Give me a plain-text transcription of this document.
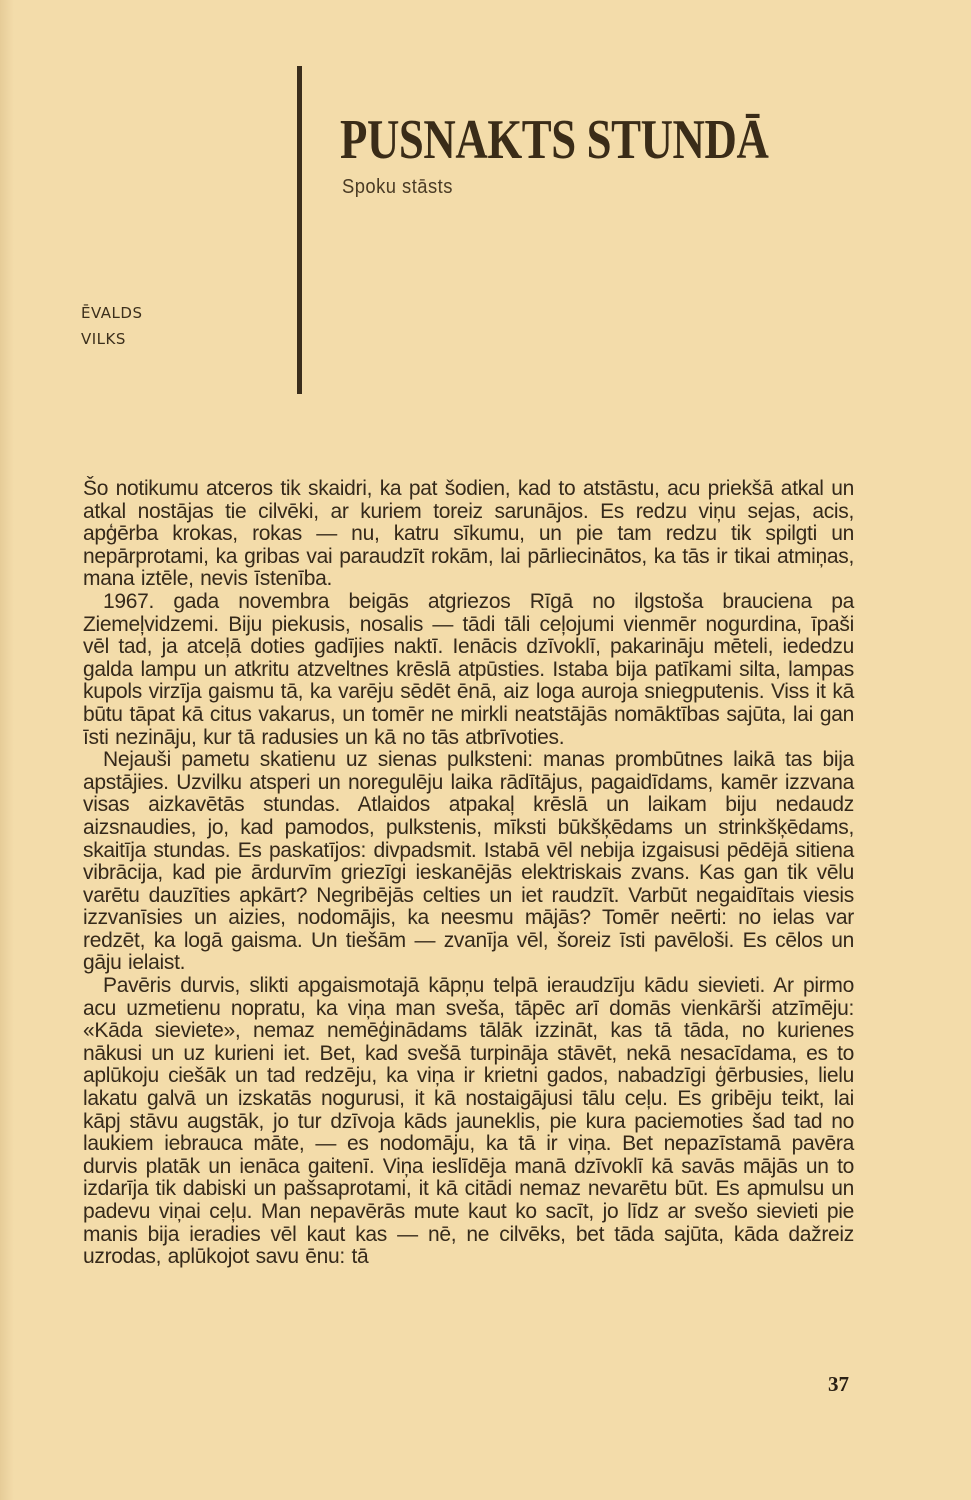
PUSNAKTS STUNDĀ
Spoku stāsts
ĒVALDS
VILKS

Šo notikumu atceros tik skaidri, ka pat šodien, kad to atstāstu, acu priekšā atkal un atkal nostājas tie cilvēki, ar kuriem toreiz sarunājos. Es redzu viņu sejas, acis, apģērba krokas, rokas — nu, katru sīkumu, un pie tam redzu tik spilgti un nepārprotami, ka gribas vai paraudzīt rokām, lai pārliecinātos, ka tās ir tikai atmiņas, mana iztēle, nevis īstenība.

1967. gada novembra beigās atgriezos Rīgā no ilgstoša brauciena pa Ziemeļvidzemi. Biju piekusis, nosalis — tādi tāli ceļojumi vienmēr nogurdina, īpaši vēl tad, ja atceļā doties gadījies naktī. Ienācis dzīvoklī, pakarināju mēteli, iededzu galda lampu un atkritu atzveltnes krēslā atpūsties. Istaba bija patīkami silta, lampas kupols virzīja gaismu tā, ka varēju sēdēt ēnā, aiz loga auroja sniegputenis. Viss it kā būtu tāpat kā citus vakarus, un tomēr ne mirkli neatstājās nomāktības sajūta, lai gan īsti nezināju, kur tā radusies un kā no tās atbrīvoties.

Nejauši pametu skatienu uz sienas pulksteni: manas prombūtnes laikā tas bija apstājies. Uzvilku atsperi un noregulēju laika rādītājus, pagaidīdams, kamēr izzvana visas aizkavētās stundas. Atlaidos atpakaļ krēslā un laikam biju nedaudz aizsnaudies, jo, kad pamodos, pulkstenis, mīksti būkšķēdams un strinkšķēdams, skaitīja stundas. Es paskatījos: divpadsmit. Istabā vēl nebija izgaisusi pēdējā sitiena vibrācija, kad pie ārdurvīm griezīgi ieskanējās elektriskais zvans. Kas gan tik vēlu varētu dauzīties apkārt? Negribējās celties un iet raudzīt. Varbūt negaidītais viesis izzvanīsies un aizies, nodomājis, ka neesmu mājās? Tomēr neērti: no ielas var redzēt, ka logā gaisma. Un tiešām — zvanīja vēl, šoreiz īsti pavēloši. Es cēlos un gāju ielaist.

Pavēris durvis, slikti apgaismotajā kāpņu telpā ieraudzīju kādu sievieti. Ar pirmo acu uzmetienu nopratu, ka viņa man sveša, tāpēc arī domās vienkārši atzīmēju: «Kāda sieviete», nemaz nemēģinādams tālāk izzināt, kas tā tāda, no kurienes nākusi un uz kurieni iet. Bet, kad svešā turpināja stāvēt, nekā nesacīdama, es to aplūkoju ciešāk un tad redzēju, ka viņa ir krietni gados, nabadzīgi ģērbusies, lielu lakatu galvā un izskatās nogurusi, it kā nostaigājusi tālu ceļu. Es gribēju teikt, lai kāpj stāvu augstāk, jo tur dzīvoja kāds jauneklis, pie kura paciemoties šad tad no laukiem iebrauca māte, — es nodomāju, ka tā ir viņa. Bet nepazīstamā pavēra durvis platāk un ienāca gaitenī. Viņa ieslīdēja manā dzīvoklī kā savās mājās un to izdarīja tik dabiski un pašsaprotami, it kā citādi nemaz nevarētu būt. Es apmulsu un padevu viņai ceļu. Man nepavērās mute kaut ko sacīt, jo līdz ar svešo sievieti pie manis bija ieradies vēl kaut kas — nē, ne cilvēks, bet tāda sajūta, kāda dažreiz uzrodas, aplūkojot savu ēnu: tā

37
